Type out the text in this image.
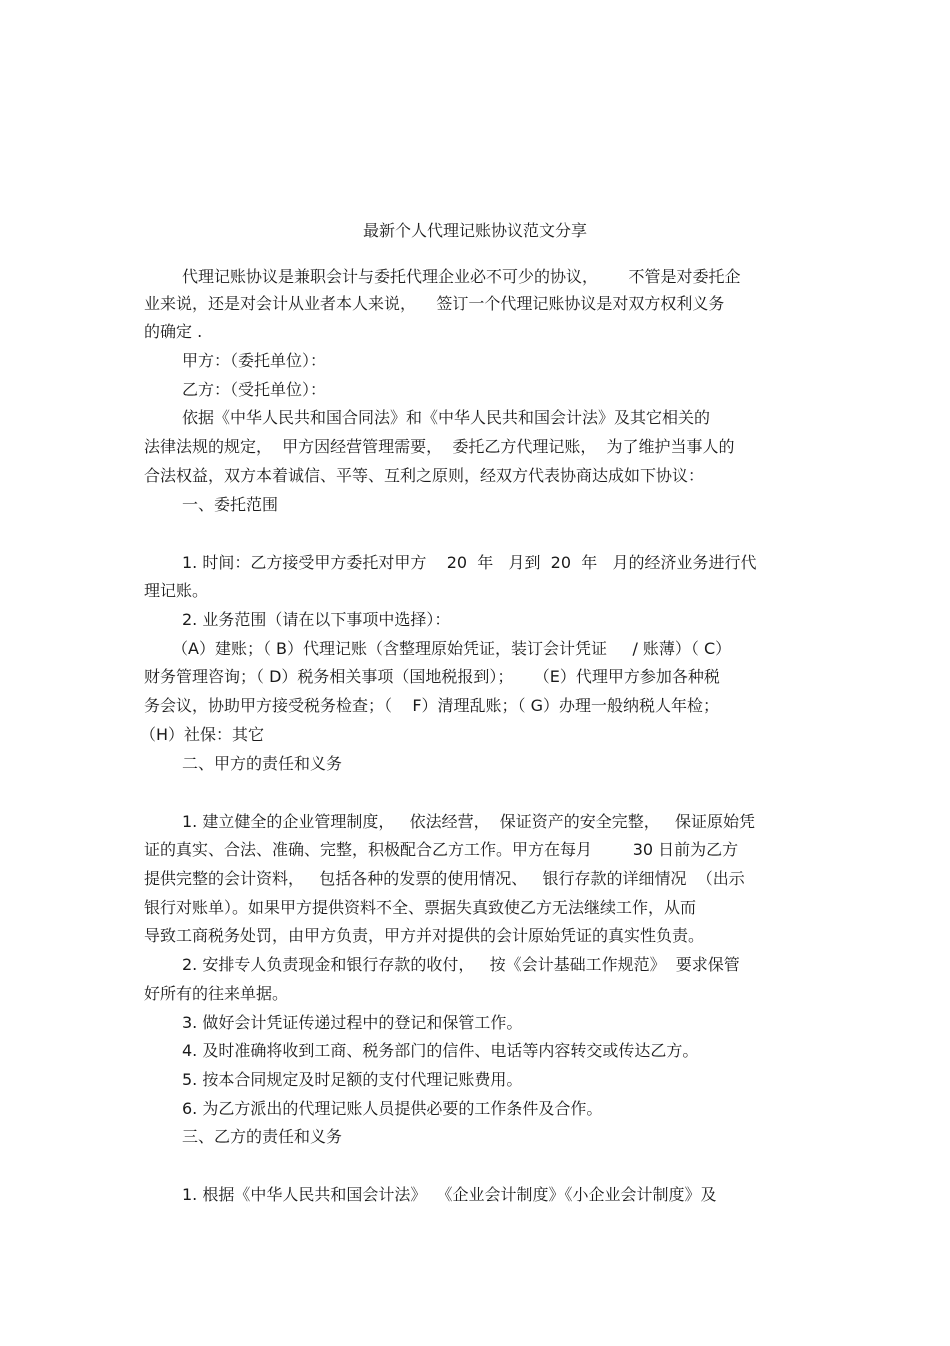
最新个人代理记账协议范文分享
代理记账协议是兼职会计与委托代理企业必不可少的协议，      不管是对委托企
业来说，还是对会计从业者本人来说，    签订一个代理记账协议是对双方权利义务
的确定 .
甲方：（委托单位）：
乙方：（受托单位）：
依据《中华人民共和国合同法》和《中华人民共和国会计法》及其它相关的
法律法规的规定，  甲方因经营管理需要，  委托乙方代理记账，  为了维护当事人的
合法权益，双方本着诚信、平等、互利之原则，经双方代表协商达成如下协议：
一、委托范围
1. 时间：乙方接受甲方委托对甲方    20  年   月到  20  年   月的经济业务进行代
理记账。
2. 业务范围（请在以下事项中选择）：
（A）建账；（ B）代理记账（含整理原始凭证，装订会计凭证     / 账薄）（ C）
财务管理咨询；（ D）税务相关事项（国地税报到）；    （E）代理甲方参加各种税
务会议，协助甲方接受税务检查；（    F）清理乱账；（ G）办理一般纳税人年检；
（H）社保：其它
二、甲方的责任和义务
1. 建立健全的企业管理制度，   依法经营，  保证资产的安全完整，   保证原始凭
证的真实、合法、准确、完整，积极配合乙方工作。甲方在每月        30 日前为乙方
提供完整的会计资料，   包括各种的发票的使用情况、   银行存款的详细情况  （出示
银行对账单）。如果甲方提供资料不全、票据失真致使乙方无法继续工作，从而
导致工商税务处罚，由甲方负责，甲方并对提供的会计原始凭证的真实性负责。
2. 安排专人负责现金和银行存款的收付，   按《会计基础工作规范》  要求保管
好所有的往来单据。
3. 做好会计凭证传递过程中的登记和保管工作。
4. 及时准确将收到工商、税务部门的信件、电话等内容转交或传达乙方。
5. 按本合同规定及时足额的支付代理记账费用。
6. 为乙方派出的代理记账人员提供必要的工作条件及合作。
三、乙方的责任和义务
1. 根据《中华人民共和国会计法》  《企业会计制度》《小企业会计制度》及
